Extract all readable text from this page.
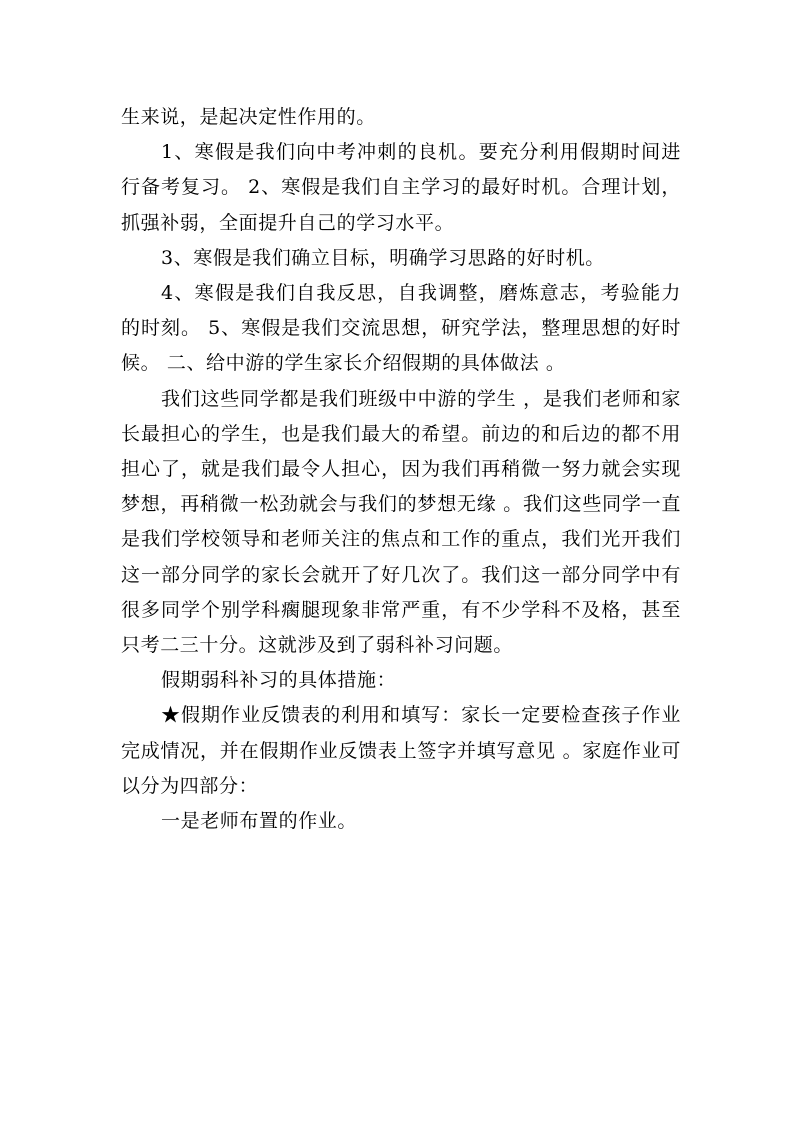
生来说，是起决定性作用的。

1、寒假是我们向中考冲刺的良机。要充分利用假期时间进行备考复习。 2、寒假是我们自主学习的最好时机。合理计划，抓强补弱，全面提升自己的学习水平。

3、寒假是我们确立目标，明确学习思路的好时机。

4、寒假是我们自我反思，自我调整，磨炼意志，考验能力的时刻。 5、寒假是我们交流思想，研究学法，整理思想的好时候。 二、给中游的学生家长介绍假期的具体做法 。

我们这些同学都是我们班级中中游的学生 ，是我们老师和家长最担心的学生，也是我们最大的希望。前边的和后边的都不用担心了，就是我们最令人担心，因为我们再稍微一努力就会实现梦想，再稍微一松劲就会与我们的梦想无缘 。我们这些同学一直是我们学校领导和老师关注的焦点和工作的重点，我们光开我们这一部分同学的家长会就开了好几次了。我们这一部分同学中有很多同学个别学科瘸腿现象非常严重，有不少学科不及格，甚至只考二三十分。这就涉及到了弱科补习问题。

假期弱科补习的具体措施：

★假期作业反馈表的利用和填写：家长一定要检查孩子作业完成情况，并在假期作业反馈表上签字并填写意见 。家庭作业可以分为四部分：

一是老师布置的作业。
